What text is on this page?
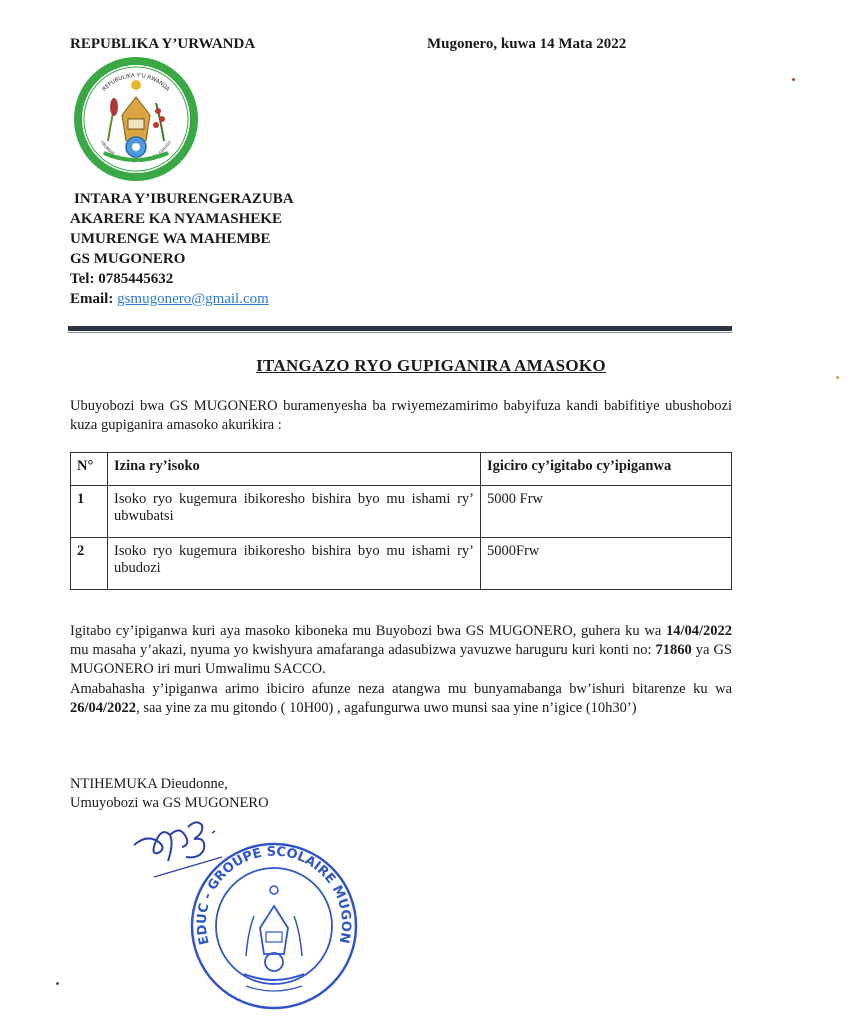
REPUBLIKA Y’URWANDA	Mugonero, kuwa 14 Mata 2022
REPUBULIKA Y'U RWANDA
UBUMWE - UMURIMO - GUKUNDA IGIHUGU
INTARA Y’IBURENGERAZUBA
AKARERE KA NYAMASHEKE
UMURENGE WA MAHEMBE
GS MUGONERO
Tel: 0785445632
Email: gsmugonero@gmail.com
ITANGAZO RYO GUPIGANIRA AMASOKO
Ubuyobozi bwa GS MUGONERO buramenyesha ba rwiyemezamirimo babyifuza kandi babifitiye ubushobozi kuza gupiganira amasoko akurikira :
N°	Izina ry’isoko	Igiciro cy’igitabo cy’ipiganwa
1	Isoko ryo kugemura ibikoresho bishira byo mu ishami ry’ ubwubatsi	5000 Frw
2	Isoko ryo kugemura ibikoresho bishira byo mu ishami ry’ ubudozi	5000Frw
Igitabo cy’ipiganwa kuri aya masoko kiboneka mu Buyobozi bwa GS MUGONERO, guhera ku wa 14/04/2022 mu masaha y’akazi, nyuma yo kwishyura amafaranga adasubizwa yavuzwe haruguru kuri konti no: 71860 ya GS MUGONERO iri muri Umwalimu SACCO.
Amabahasha y’ipiganwa arimo ibiciro afunze neza atangwa mu bunyamabanga bw’ishuri bitarenze ku wa 26/04/2022, saa yine za mu gitondo ( 10H00) , agafungurwa uwo munsi saa yine n’igice (10h30’)
NTIHEMUKA Dieudonne,
Umuyobozi wa GS MUGONERO
EDUC - GROUPE SCOLAIRE MUGON
